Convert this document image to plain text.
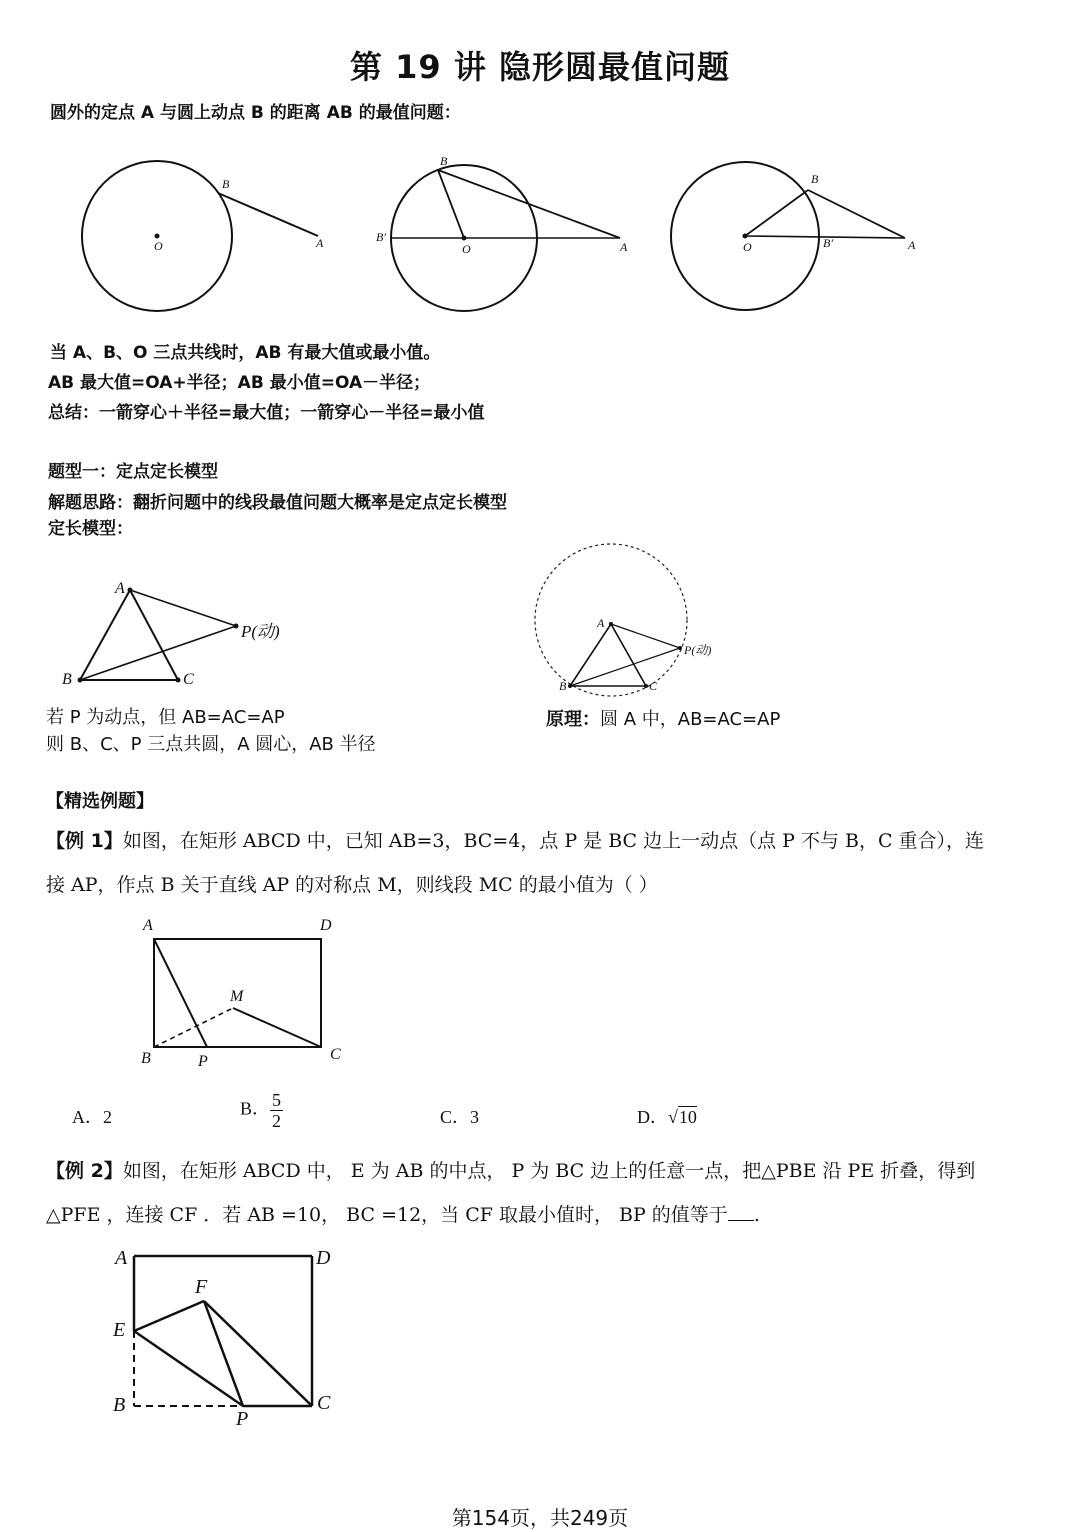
第 19 讲 隐形圆最值问题
圆外的定点 A 与圆上动点 B 的距离 AB 的最值问题：
B
O	A
B
B′
O	A
B
O	B′	A
当 A、B、O 三点共线时，AB 有最大值或最小值。
AB 最大值=OA+半径；AB 最小值=OA－半径；
总结：一箭穿心＋半径=最大值；一箭穿心－半径=最小值
题型一：定点定长模型
解题思路：翻折问题中的线段最值问题大概率是定点定长模型
定长模型：
A
P(动)
B	C
A
P(动)
B	C
若 P 为动点，但 AB=AC=AP
则 B、C、P 三点共圆，A 圆心，AB 半径
原理：圆 A 中，AB=AC=AP
【精选例题】
【例 1】如图，在矩形 ABCD 中，已知 AB=3，BC=4，点 P 是 BC 边上一动点（点 P 不与 B，C 重合），连
接 AP，作点 B 关于直线 AP 的对称点 M，则线段 MC 的最小值为（ ）
A	D
M
B	P	C
A．2	B． $\frac{5}{2}$	C．3	D．√10
【例 2】如图，在矩形 ABCD 中， E 为 AB 的中点， P 为 BC 边上的任意一点，把△PBE 沿 PE 折叠，得到
△PFE ，连接 CF ．若 AB =10， BC =12，当 CF 取最小值时， BP 的值等于 .
A	D
F
E
B
P
C
第154页，共249页
